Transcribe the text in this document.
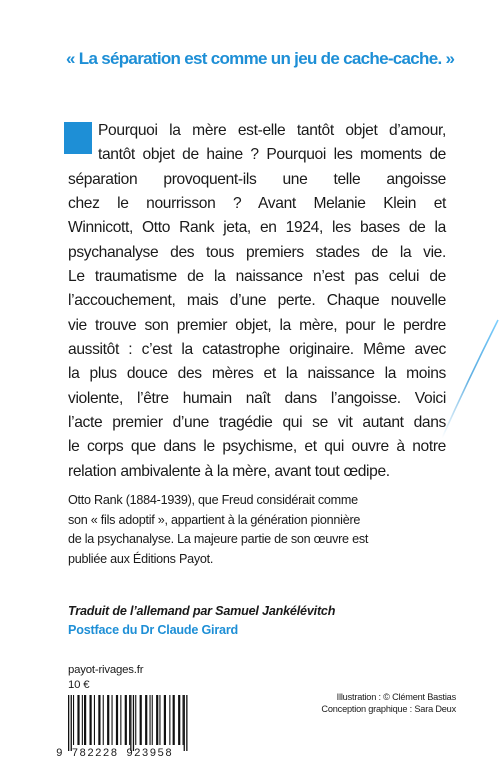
« La séparation est comme un jeu de cache-cache. »
Pourquoi la mère est-elle tantôt objet d’amour,
tantôt objet de haine ? Pourquoi les moments de
séparation provoquent-ils une telle angoisse
chez le nourrisson ? Avant Melanie Klein et
Winnicott, Otto Rank jeta, en 1924, les bases de la
psychanalyse des tous premiers stades de la vie.
Le traumatisme de la naissance n’est pas celui de
l’accouchement, mais d’une perte. Chaque nouvelle
vie trouve son premier objet, la mère, pour le perdre
aussitôt : c’est la catastrophe originaire. Même avec
la plus douce des mères et la naissance la moins
violente, l’être humain naît dans l’angoisse. Voici
l’acte premier d’une tragédie qui se vit autant dans
le corps que dans le psychisme, et qui ouvre à notre
relation ambivalente à la mère, avant tout œdipe.
Otto Rank (1884-1939), que Freud considérait comme
son « fils adoptif », appartient à la génération pionnière
de la psychanalyse. La majeure partie de son œuvre est
publiée aux Éditions Payot.
Traduit de l’allemand par Samuel Jankélévitch
Postface du Dr Claude Girard
payot-rivages.fr
10 €
9 782228 923958
Illustration : © Clément Bastias
Conception graphique : Sara Deux
